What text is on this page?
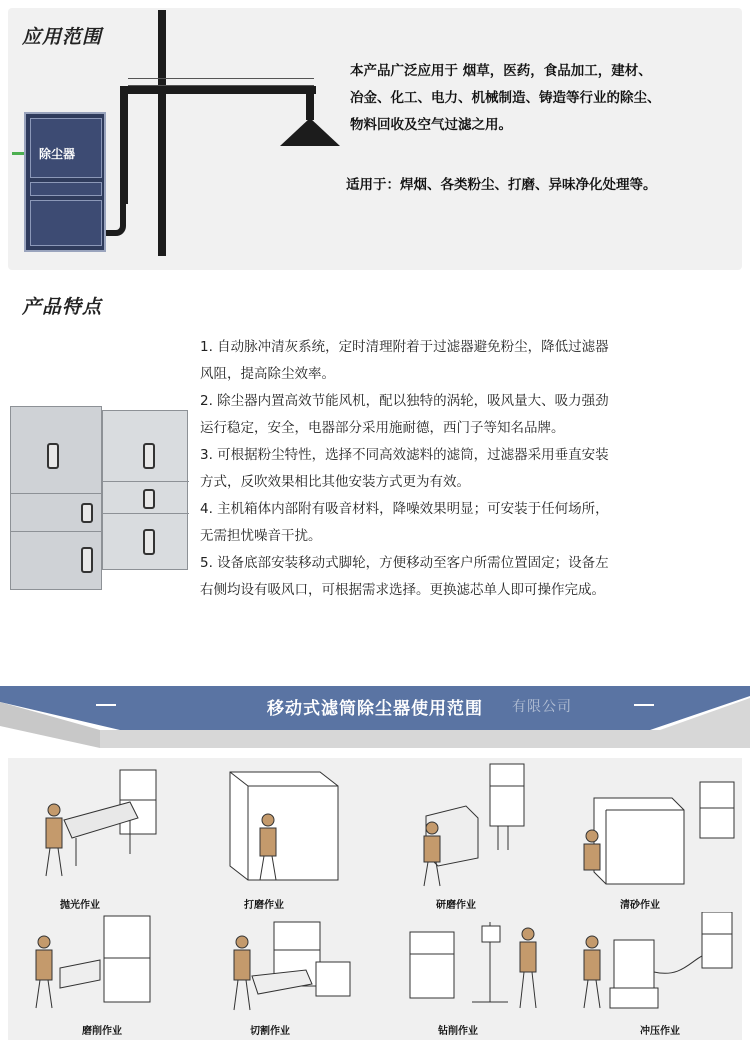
应用范围
除尘器
本产品广泛应用于 烟草，医药，食品加工，建材、
冶金、化工、电力、机械制造、铸造等行业的除尘、
物料回收及空气过滤之用。
适用于：焊烟、各类粉尘、打磨、异味净化处理等。
产品特点
1. 自动脉冲清灰系统，定时清理附着于过滤器避免粉尘，降低过滤器
风阻，提高除尘效率。
2. 除尘器内置高效节能风机，配以独特的涡轮，吸风量大、吸力强劲
运行稳定，安全，电器部分采用施耐德，西门子等知名品牌。
3. 可根据粉尘特性，选择不同高效滤料的滤筒，过滤器采用垂直安装
方式，反吹效果相比其他安装方式更为有效。
4. 主机箱体内部附有吸音材料，降噪效果明显；可安装于任何场所，
无需担忧噪音干扰。
5. 设备底部安装移动式脚轮，方便移动至客户所需位置固定；设备左
右侧均设有吸风口，可根据需求选择。更换滤芯单人即可操作完成。
移动式滤筒除尘器使用范围	有限公司
抛光作业	打磨作业	研磨作业	清砂作业
磨削作业	切割作业	钻削作业	冲压作业
